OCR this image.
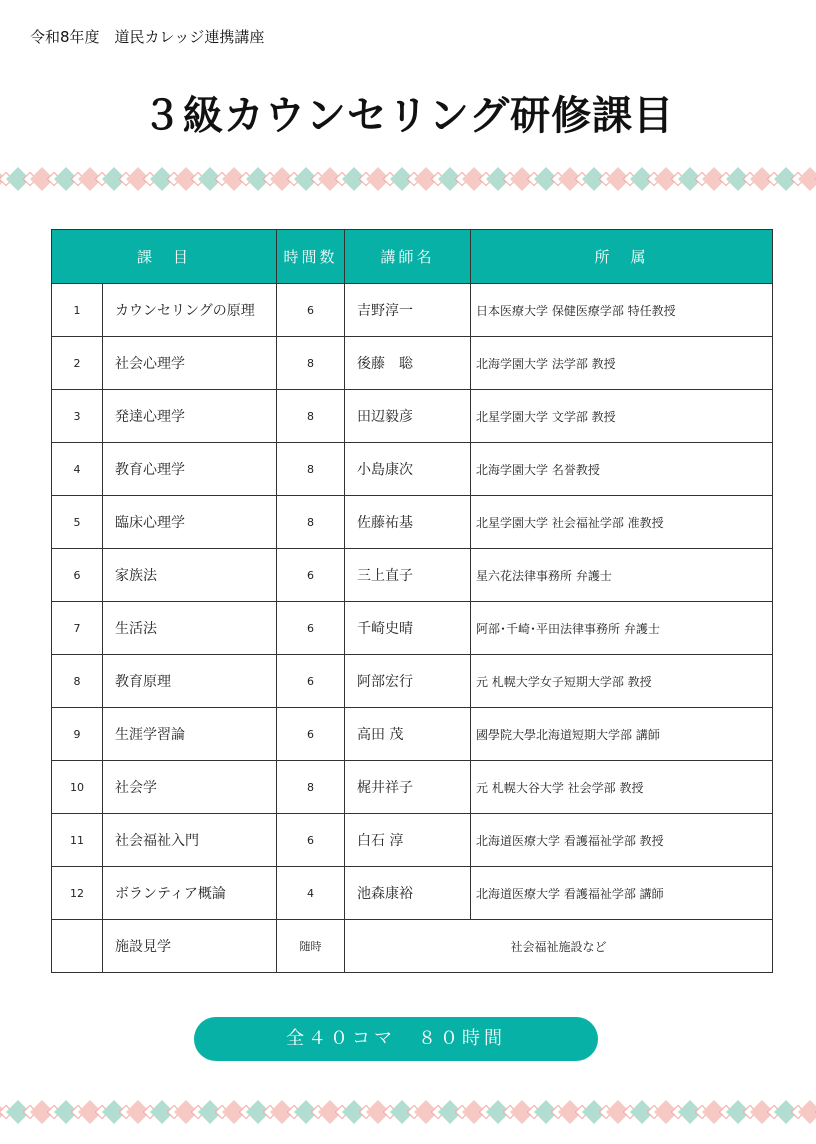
令和8年度　道民カレッジ連携講座
３級カウンセリング研修課目
課　目		時間数	講師名	所　属
1	カウンセリングの原理	6	吉野淳一	日本医療大学 保健医療学部 特任教授
2	社会心理学	8	後藤　聡	北海学園大学 法学部 教授
3	発達心理学	8	田辺毅彦	北星学園大学 文学部 教授
4	教育心理学	8	小島康次	北海学園大学 名誉教授
5	臨床心理学	8	佐藤祐基	北星学園大学 社会福祉学部 准教授
6	家族法	6	三上直子	星六花法律事務所 弁護士
7	生活法	6	千崎史晴	阿部･千崎･平田法律事務所 弁護士
8	教育原理	6	阿部宏行	元 札幌大学女子短期大学部 教授
9	生涯学習論	6	高田 茂	國學院大學北海道短期大学部 講師
10	社会学	8	梶井祥子	元 札幌大谷大学 社会学部 教授
11	社会福祉入門	6	白石 淳	北海道医療大学 看護福祉学部 教授
12	ボランティア概論	4	池森康裕	北海道医療大学 看護福祉学部 講師
	施設見学	随時	社会福祉施設など	
全４０コマ　８０時間
